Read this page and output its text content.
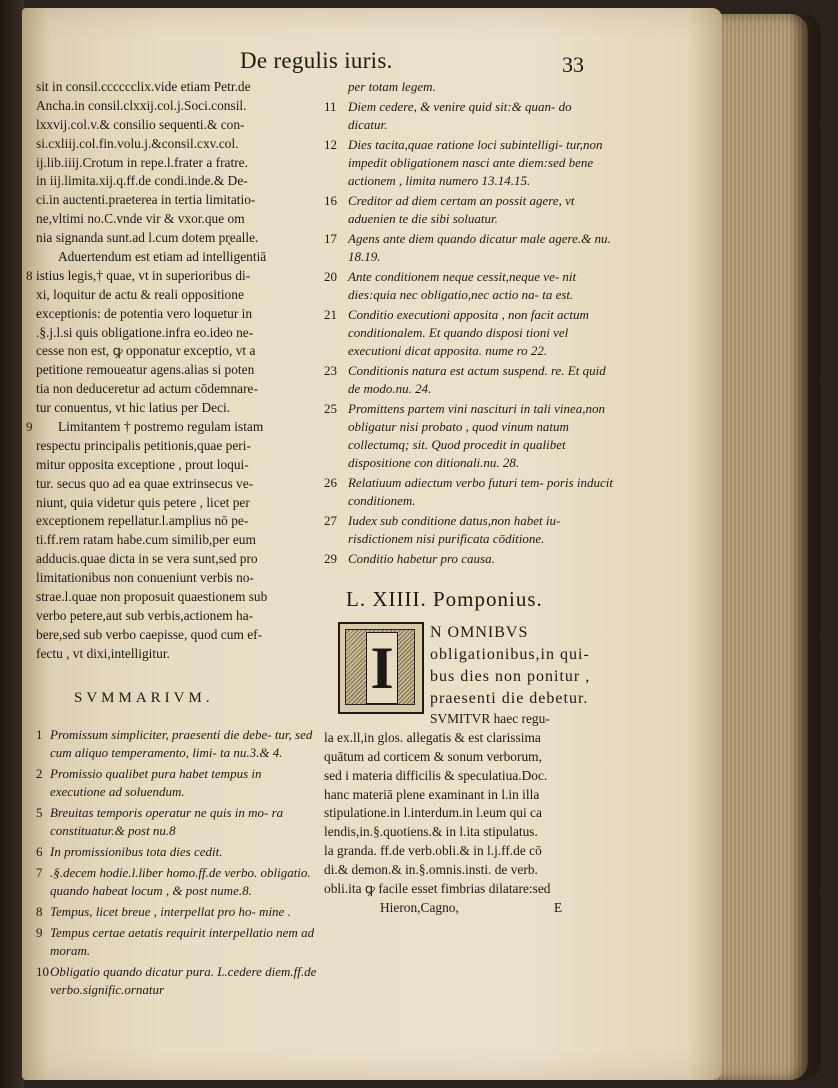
De regulis iuris.	33
sit in consil.cccccclix.vide etiam Petr.de
Ancha.in consil.clxxij.col.j.Soci.consil.
lxxvij.col.v.& consilio sequenti.& con-
si.cxliij.col.fin.volu.j.&consil.cxv.col.
ij.lib.iiij.Crotum in repe.l.frater a fratre.
in iij.limita.xij.q.ff.de condi.inde.& De-
ci.in auctenti.praeterea in tertia limitatio-
ne,vltimi no.C.vnde vir & vxor.que om
nia signanda sunt.ad l.cum dotem pr̨ealle.
Aduertendum est etiam ad intelligentiā
8 istius legis,† quae, vt in superioribus di-
xi, loquitur de actu & reali oppositione
exceptionis: de potentia vero loquetur in
.§.j.l.si quis obligatione.infra eo.ideo ne-
cesse non est, ꝙ opponatur exceptio, vt a
petitione remoueatur agens.alias si poten
tia non deduceretur ad actum cōdemnare-
tur conuentus, vt hic latius per Deci.
9 Limitantem † postremo regulam istam
respectu principalis petitionis,quae peri-
mitur opposita exceptione , prout loqui-
tur. secus quo ad ea quae extrinsecus ve-
niunt, quia videtur quis petere , licet per
exceptionem repellatur.l.amplius nō pe-
ti.ff.rem ratam habe.cum similib,per eum
adducis.quae dicta in se vera sunt,sed pro
limitationibus non conueniunt verbis no-
strae.l.quae non proposuit quaestionem sub
verbo petere,aut sub verbis,actionem ha-
bere,sed sub verbo caepisse, quod cum ef-
fectu , vt dixi,intelligitur.
SVMMARIVM.
1 Promissum simpliciter, praesenti die debe- tur, sed cum aliquo temperamento, limi- ta nu.3.& 4.
2 Promissio qualibet pura habet tempus in executione ad soluendum.
5 Breuitas temporis operatur ne quis in mo- ra constituatur.& post nu.8
6 In promissionibus tota dies cedit.
7 .§.decem hodie.l.liber homo.ff.de verbo. obligatio. quando habeat locum , & post nume.8.
8 Tempus, licet breue , interpellat pro ho- mine .
9 Tempus certae aetatis requirit interpellatio nem ad moram.
10 Obligatio quando dicatur pura. L.cedere diem.ff.de verbo.signific.ornatur
per totam legem.
11 Diem cedere, & venire quid sit:& quan- do dicatur.
12 Dies tacita,quae ratione loci subintelligi- tur,non impedit obligationem nasci ante diem:sed bene actionem , limita numero 13.14.15.
16 Creditor ad diem certam an possit agere, vt aduenien te die sibi soluatur.
17 Agens ante diem quando dicatur male agere.& nu. 18.19.
20 Ante conditionem neque cessit,neque ve- nit dies:quia nec obligatio,nec actio na- ta est.
21 Conditio executioni apposita , non facit actum conditionalem. Et quando disposi tioni vel executioni dicat apposita. nume ro 22.
23 Conditionis natura est actum suspend. re. Et quid de modo.nu. 24.
25 Promittens partem vini nascituri in tali vinea,non obligatur nisi probato , quod vinum natum collectumq; sit. Quod procedit in qualibet dispositione con ditionali.nu. 28.
26 Relatiuum adiectum verbo futuri tem- poris inducit conditionem.
27 Iudex sub conditione datus,non habet iu- risdictionem nisi purificata cōditione.
29 Conditio habetur pro causa.
L. XIIII. Pomponius.
I
N OMNIBVS
obligationibus,in qui-
bus dies non ponitur ,
praesenti die debetur.
SVMITVR haec regu-
la ex.ll,in glos. allegatis & est clarissima
quātum ad corticem & sonum verborum,
sed i materia difficilis & speculatiua.Doc.
hanc materiā plene examinant in l.in illa
stipulatione.in l.interdum.in l.eum qui ca
lendis,in.§.quotiens.& in l.ita stipulatus.
la granda. ff.de verb.obli.& in l.j.ff.de cō
di.& demon.& in.§.omnis.insti. de verb.
obli.ita ꝙ facile esset fimbrias dilatare:sed
Hieron,Cagno,	E
